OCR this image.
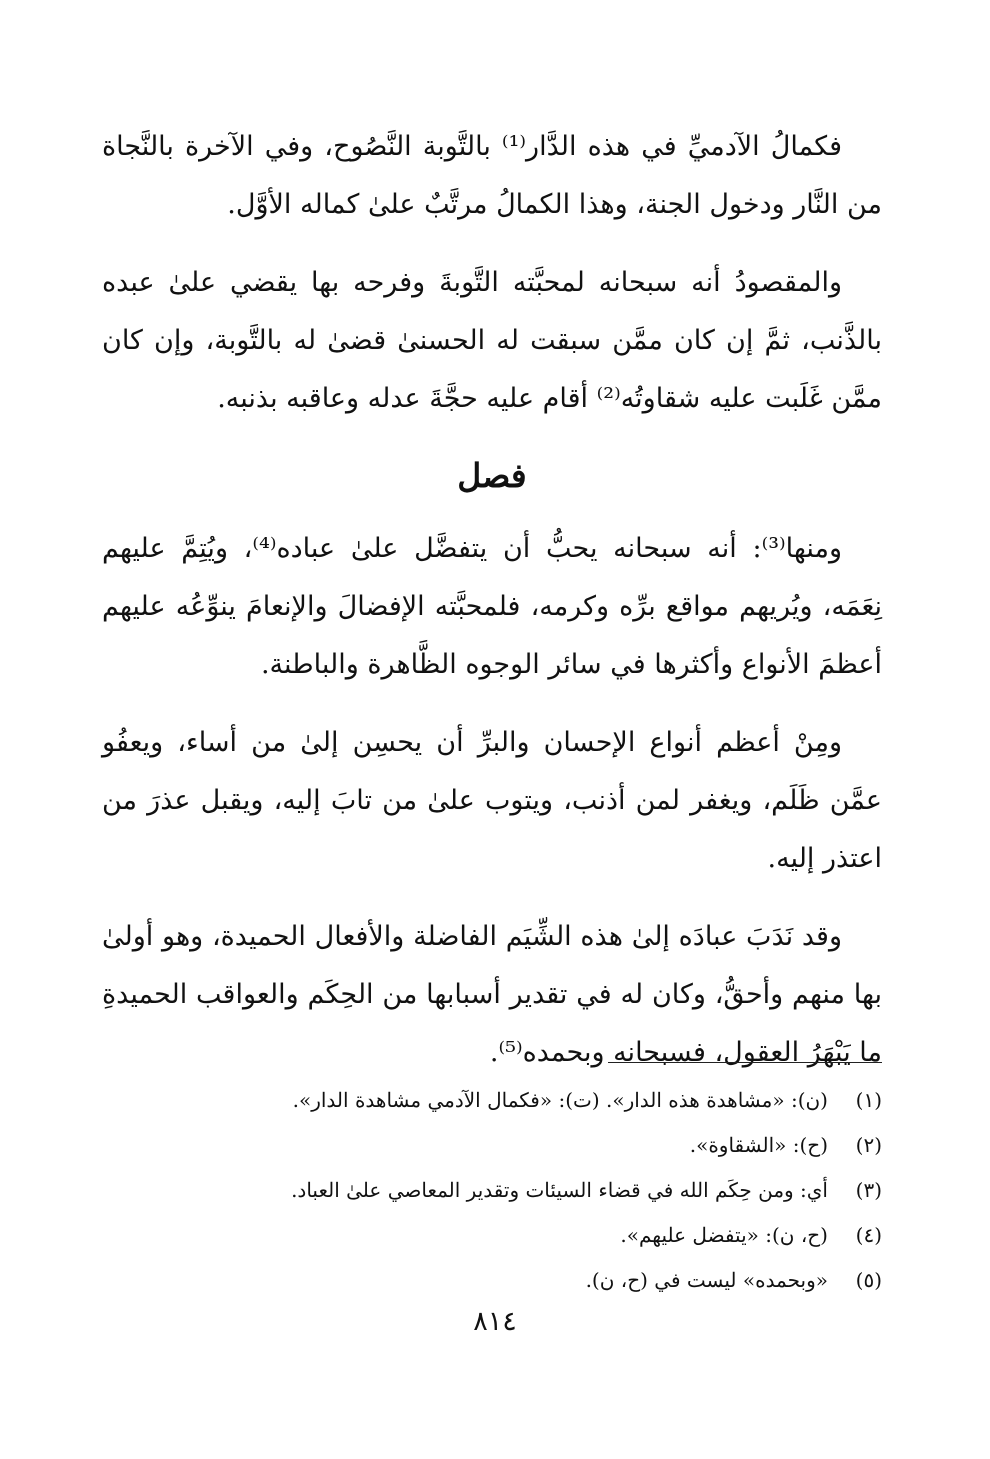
فكمالُ الآدميِّ في هذه الدَّار⁽¹⁾ بالتَّوبة النَّصُوح، وفي الآخرة بالنَّجاة من النَّار ودخول الجنة، وهذا الكمالُ مرتَّبٌ علىٰ كماله الأوَّل.

والمقصودُ أنه سبحانه لمحبَّته التَّوبةَ وفرحه بها يقضي علىٰ عبده بالذَّنب، ثمَّ إن كان ممَّن سبقت له الحسنىٰ قضىٰ له بالتَّوبة، وإن كان ممَّن غَلَبت عليه شقاوتُه⁽²⁾ أقام عليه حجَّةَ عدله وعاقبه بذنبه.

فصل

ومنها⁽³⁾: أنه سبحانه يحبُّ أن يتفضَّل علىٰ عباده⁽⁴⁾، ويُتِمَّ عليهم نِعَمَه، ويُريهم مواقع برِّه وكرمه، فلمحبَّته الإفضالَ والإنعامَ ينوِّعُه عليهم أعظمَ الأنواع وأكثرها في سائر الوجوه الظَّاهرة والباطنة.

ومِنْ أعظم أنواع الإحسان والبرِّ أن يحسِن إلىٰ من أساء، ويعفُو عمَّن ظَلَم، ويغفر لمن أذنب، ويتوب علىٰ من تابَ إليه، ويقبل عذرَ من اعتذر إليه.

وقد نَدَبَ عبادَه إلىٰ هذه الشِّيَم الفاضلة والأفعال الحميدة، وهو أولىٰ بها منهم وأحقُّ، وكان له في تقدير أسبابها من الحِكَم والعواقب الحميدةِ ما يَبْهَرُ العقول، فسبحانه وبحمده⁽⁵⁾.

(١)
(ن): «مشاهدة هذه الدار». (ت): «فكمال الآدمي مشاهدة الدار».
(٢)
(ح): «الشقاوة».
(٣)
أي: ومن حِكَم الله في قضاء السيئات وتقدير المعاصي علىٰ العباد.
(٤)
(ح، ن): «يتفضل عليهم».
(٥)
«وبحمده» ليست في (ح، ن).
٨١٤
